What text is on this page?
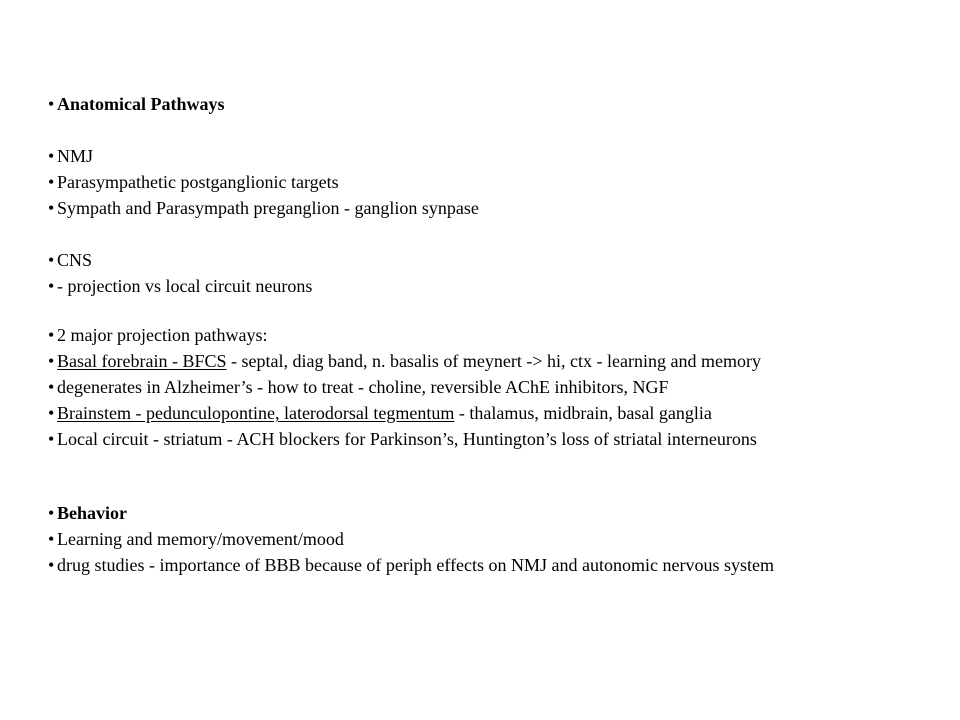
• Anatomical Pathways
• NMJ
• Parasympathetic postganglionic targets
• Sympath and Parasympath preganglion - ganglion synpase
• CNS
• - projection vs local circuit neurons
• 2 major projection pathways:
• Basal forebrain - BFCS - septal, diag band, n. basalis of meynert -> hi, ctx - learning and memory
• degenerates in Alzheimer’s - how to treat - choline, reversible AChE inhibitors, NGF
• Brainstem - pedunculopontine, laterodorsal tegmentum - thalamus, midbrain, basal ganglia
• Local circuit - striatum - ACH blockers for Parkinson’s, Huntington’s loss of striatal interneurons
• Behavior
• Learning and memory/movement/mood
• drug studies - importance of BBB because of periph effects on NMJ and autonomic nervous system
